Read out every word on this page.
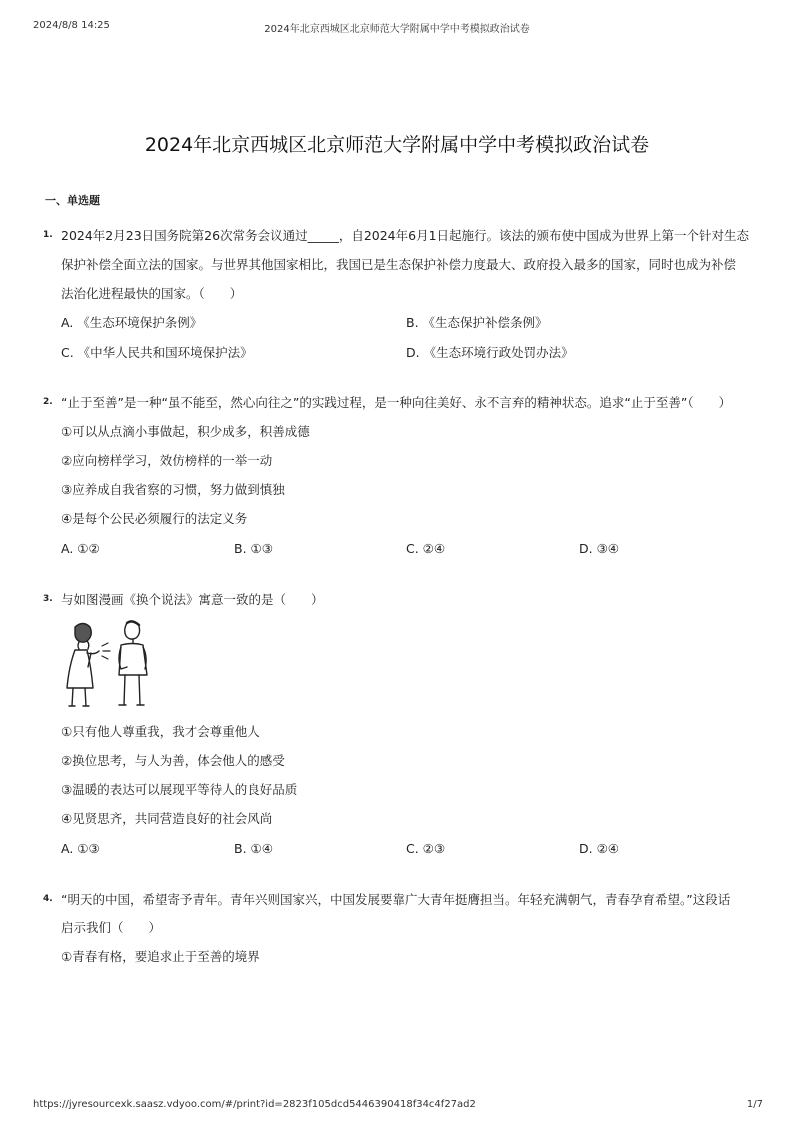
2024/8/8 14:25	2024年北京西城区北京师范大学附属中学中考模拟政治试卷
2024年北京西城区北京师范大学附属中学中考模拟政治试卷
一、单选题
1. 2024年2月23日国务院第26次常务会议通过_____，自2024年6月1日起施行。该法的颁布使中国成为世界上第一个针对生态
保护补偿全面立法的国家。与世界其他国家相比，我国已是生态保护补偿力度最大、政府投入最多的国家，同时也成为补偿
法治化进程最快的国家。（　　）
A. 《生态环境保护条例》	B. 《生态保护补偿条例》
C. 《中华人民共和国环境保护法》	D. 《生态环境行政处罚办法》
2. “止于至善”是一种“虽不能至，然心向往之”的实践过程，是一种向往美好、永不言弃的精神状态。追求“止于至善”（　　）
①可以从点滴小事做起，积少成多，积善成德
②应向榜样学习，效仿榜样的一举一动
③应养成自我省察的习惯，努力做到慎独
④是每个公民必须履行的法定义务
A. ①②	B. ①③	C. ②④	D. ③④
3. 与如图漫画《换个说法》寓意一致的是（　　）
①只有他人尊重我，我才会尊重他人
②换位思考，与人为善，体会他人的感受
③温暖的表达可以展现平等待人的良好品质
④见贤思齐，共同营造良好的社会风尚
A. ①③	B. ①④	C. ②③	D. ②④
4. “明天的中国，希望寄予青年。青年兴则国家兴，中国发展要靠广大青年挺膺担当。年轻充满朝气，青春孕育希望。”这段话
启示我们（　　）
①青春有格，要追求止于至善的境界
https://jyresourcexk.saasz.vdyoo.com/#/print?id=2823f105dcd5446390418f34c4f27ad2	1/7
